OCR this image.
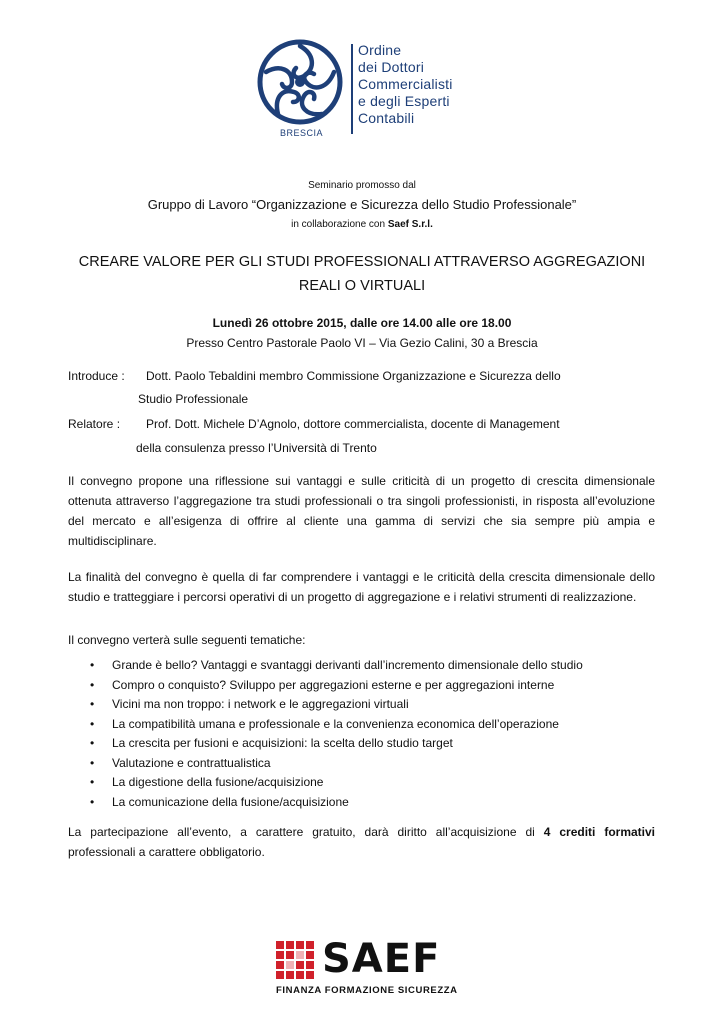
BRESCIA
Ordine
dei Dottori
Commercialisti
e degli Esperti
Contabili
Seminario promosso dal
Gruppo di Lavoro “Organizzazione e Sicurezza dello Studio Professionale”
in collaborazione con Saef S.r.l.
CREARE VALORE PER GLI STUDI PROFESSIONALI ATTRAVERSO AGGREGAZIONI REALI O VIRTUALI
Lunedì 26 ottobre 2015, dalle ore 14.00 alle ore 18.00
Presso Centro Pastorale Paolo VI – Via Gezio Calini, 30 a Brescia
Introduce : Dott. Paolo Tebaldini membro Commissione Organizzazione e Sicurezza dello
Studio Professionale
Relatore : Prof. Dott. Michele D’Agnolo, dottore commercialista, docente di Management
della consulenza presso l’Università di Trento
Il convegno propone una riflessione sui vantaggi e sulle criticità di un progetto di crescita dimensionale ottenuta attraverso l’aggregazione tra studi professionali o tra singoli professionisti, in risposta all’evoluzione del mercato e all’esigenza di offrire al cliente una gamma di servizi che sia sempre più ampia e multidisciplinare.
La finalità del convegno è quella di far comprendere i vantaggi e le criticità della crescita dimensionale dello studio e tratteggiare i percorsi operativi di un progetto di aggregazione e i relativi strumenti di realizzazione.
Il convegno verterà sulle seguenti tematiche:
• Grande è bello? Vantaggi e svantaggi derivanti dall’incremento dimensionale dello studio
• Compro o conquisto? Sviluppo per aggregazioni esterne e per aggregazioni interne
• Vicini ma non troppo: i network e le aggregazioni virtuali
• La compatibilità umana e professionale e la convenienza economica dell’operazione
• La crescita per fusioni e acquisizioni: la scelta dello studio target
• Valutazione e contrattualistica
• La digestione della fusione/acquisizione
• La comunicazione della fusione/acquisizione
La partecipazione all’evento, a carattere gratuito, darà diritto all’acquisizione di 4 crediti formativi professionali a carattere obbligatorio.
SAEF
FINANZA FORMAZIONE SICUREZZA
